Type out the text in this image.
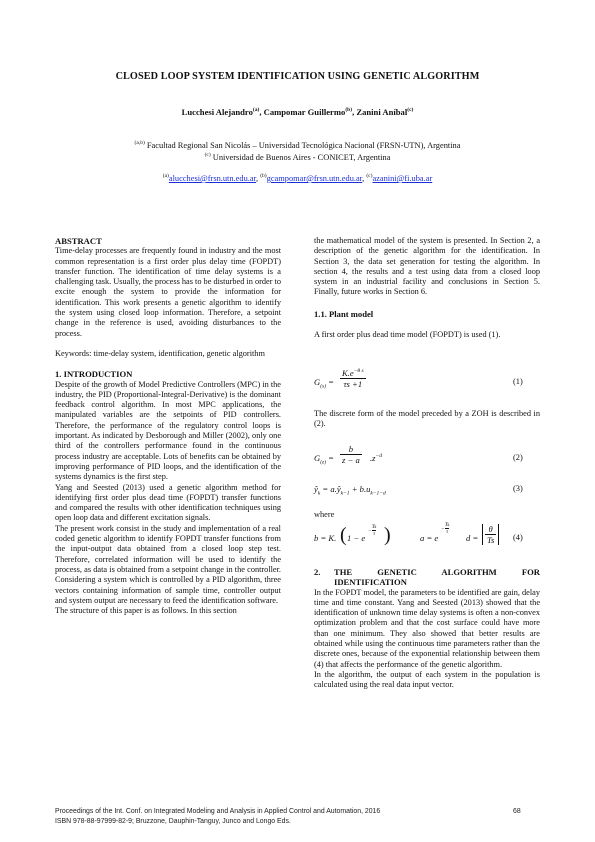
CLOSED LOOP SYSTEM IDENTIFICATION USING GENETIC ALGORITHM
Lucchesi Alejandro$^{(a)}$, Campomar Guillermo$^{(b)}$, Zanini Aníbal$^{(c)}$
$^{(a,b)}$ Facultad Regional San Nicolás – Universidad Tecnológica Nacional (FRSN-UTN), Argentina
$^{(c)}$ Universidad de Buenos Aires - CONICET, Argentina
$^{(a)}$alucchesi@frsn.utn.edu.ar, $^{(b)}$gcampomar@frsn.utn.edu.ar, $^{(c)}$azanini@fi.uba.ar
ABSTRACT

Time-delay processes are frequently found in industry and the most common representation is a first order plus delay time (FOPDT) transfer function. The identification of time delay systems is a challenging task. Usually, the process has to be disturbed in order to excite enough the system to provide the information for identification. This work presents a genetic algorithm to identify the system using closed loop information. Therefore, a setpoint change in the reference is used, avoiding disturbances to the process.

Keywords: time-delay system, identification, genetic algorithm

1. INTRODUCTION

Despite of the growth of Model Predictive Controllers (MPC) in the industry, the PID (Proportional-Integral-Derivative) is the dominant feedback control algorithm. In most MPC applications, the manipulated variables are the setpoints of PID controllers. Therefore, the performance of the regulatory control loops is important. As indicated by Desborough and Miller (2002), only one third of the controllers performance found in the continuous process industry are acceptable. Lots of benefits can be obtained by improving performance of PID loops, and the identification of the systems dynamics is the first step.

Yang and Seested (2013) used a genetic algorithm method for identifying first order plus dead time (FOPDT) transfer functions and compared the results with other identification techniques using open loop data and different excitation signals.

The present work consist in the study and implementation of a real coded genetic algorithm to identify FOPDT transfer functions from the input-output data obtained from a closed loop step test. Therefore, correlated information will be used to identify the process, as data is obtained from a setpoint change in the controller. Considering a system which is controlled by a PID algorithm, three vectors containing information of sample time, controller output and system output are necessary to feed the identification software.

The structure of this paper is as follows. In this section

the mathematical model of the system is presented. In Section 2, a description of the genetic algorithm for the identification. In Section 3, the data set generation for testing the algorithm. In section 4, the results and a test using data from a closed loop system in an industrial facility and conclusions in Section 5. Finally, future works in Section 6.

1.1. Plant model

A first order plus dead time model (FOPDT) is used (1).

$G_{(s)} = \frac{K.e^{-\theta s}}{\tau s +1}$	(1)

The discrete form of the model preceded by a ZOH is described in (2).

$G_{(z)} = \frac{b}{z - a} .z^{-d}$	(2)
$ŷ_k$ = $a.ŷ_{k-1} + b.u_{k-1-d}$
(3)

where

b = K. ( 1 − e
− $\frac{Ts}{\tau}$ )	a = e
− $\frac{Ts}{\tau}$
$d = \frac{\theta}{Ts} (4)$
2. THE GENETIC ALGORITHM FOR
IDENTIFICATION

In the FOPDT model, the parameters to be identified are gain, delay time and time constant. Yang and Seested (2013) showed that the identification of unknown time delay systems is often a non-convex optimization problem and that the cost surface could have more than one minimum. They also showed that better results are obtained while using the continuous time parameters rather than the discrete ones, because of the exponential relationship between them (4) that affects the performance of the genetic algorithm.

In the algorithm, the output of each system in the population is calculated using the real data input vector.

Proceedings of the Int. Conf. on Integrated Modeling and Analysis in Applied Control and Automation, 2016
ISBN 978-88-97999-82-9; Bruzzone, Dauphin-Tanguy, Junco and Longo Eds.
68
